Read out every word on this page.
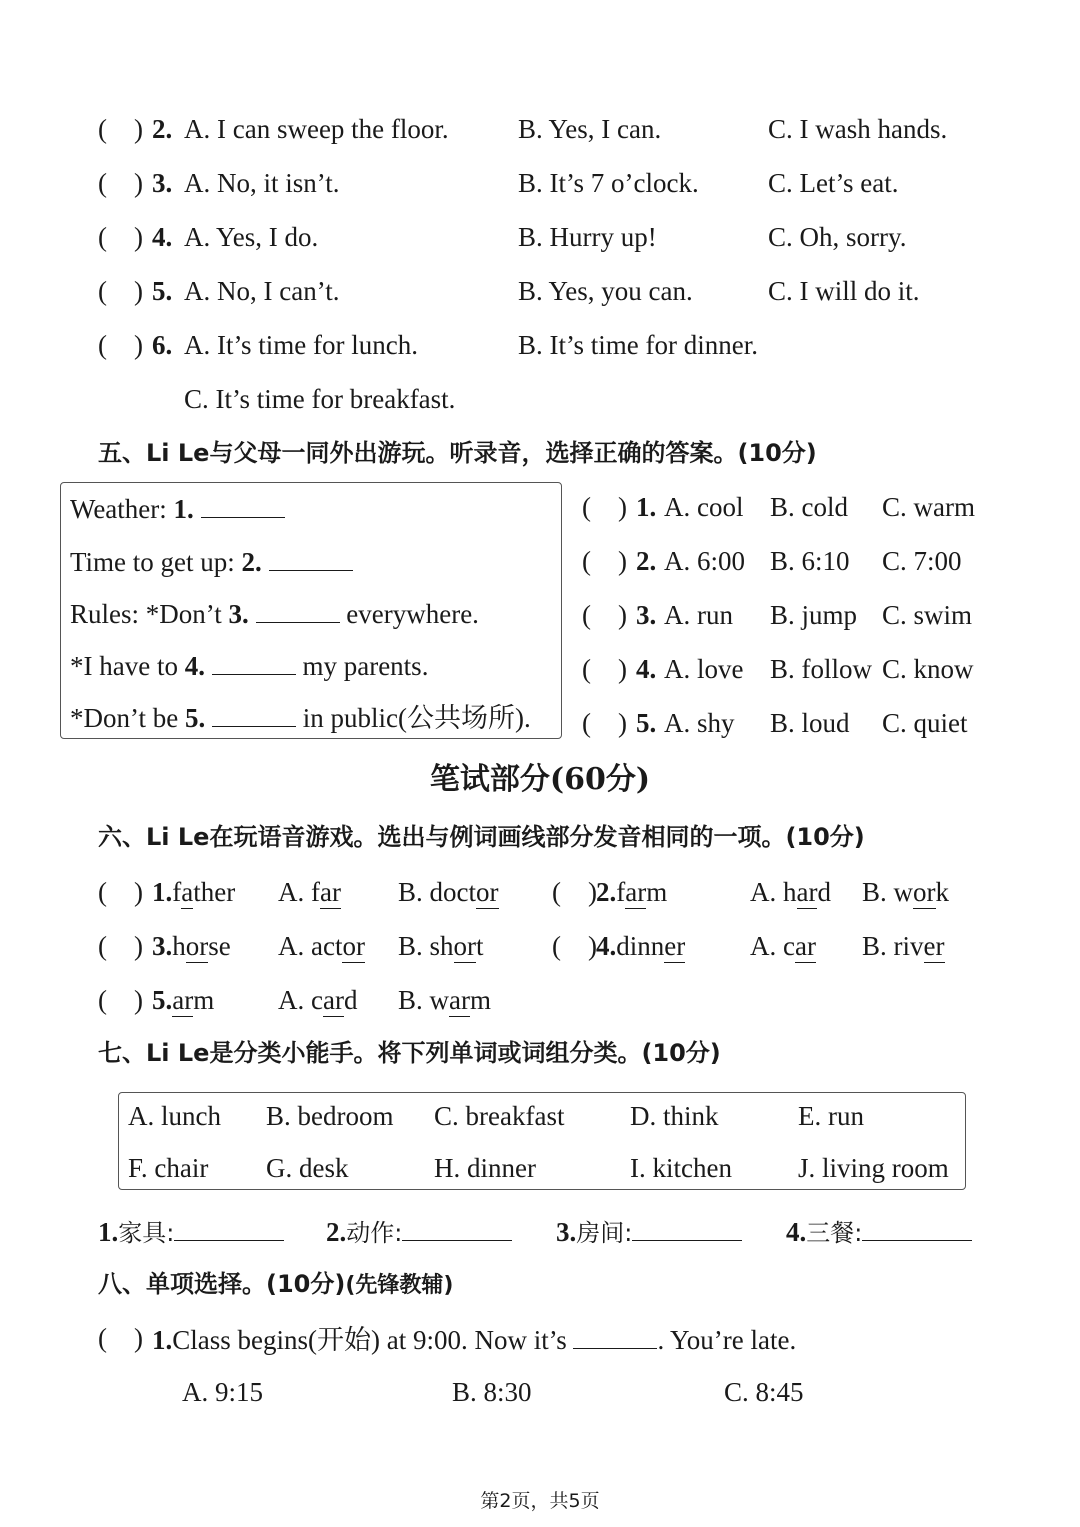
(    ) 2. A. I can sweep the floor.	B. Yes, I can.	C. I wash hands.
(    ) 3. A. No, it isn’t.	B. It’s 7 o’clock.	C. Let’s eat.
(    ) 4. A. Yes, I do.	B. Hurry up!	C. Oh, sorry.
(    ) 5. A. No, I can’t.	B. Yes, you can.	C. I will do it.
(    ) 6. A. It’s time for lunch.	B. It’s time for dinner.
C. It’s time for breakfast.
五、Li Le与父母一同外出游玩。听录音，选择正确的答案。(10分)
Weather: 1.
Time to get up: 2.
Rules: *Don’t 3.	everywhere.
*I have to 4.	my parents.
*Don’t be 5.	in public(公共场所).
(    ) 1. A. cool B. cold C. warm
(    ) 2. A. 6:00 B. 6:10 C. 7:00
(    ) 3. A. run B. jump C. swim
(    ) 4. A. love B. follow C. know
(    ) 5. A. shy B. loud C. quiet
笔试部分(60分)
六、Li Le在玩语音游戏。选出与例词画线部分发音相同的一项。(10分)
(    ) 1.father A. far B. doctor (    ) 2.farm	A. hard B. work
(    ) 3.horse A. actor B. short	(    ) 4.dinner A. car B. river
(    ) 5.arm A. card B. warm
七、Li Le是分类小能手。将下列单词或词组分类。(10分)
A. lunch B. bedroom C. breakfast D. think	E. run
F. chair G. desk	H. dinner	I. kitchen J. living room
1.家具:	2.动作:	3.房间:	4.三餐:
八、单项选择。(10分)(先锋教辅)
(    ) 1.Class begins(开始) at 9:00. Now it’s	. You’re late.
A. 9:15	B. 8:30	C. 8:45
第2页，共5页
